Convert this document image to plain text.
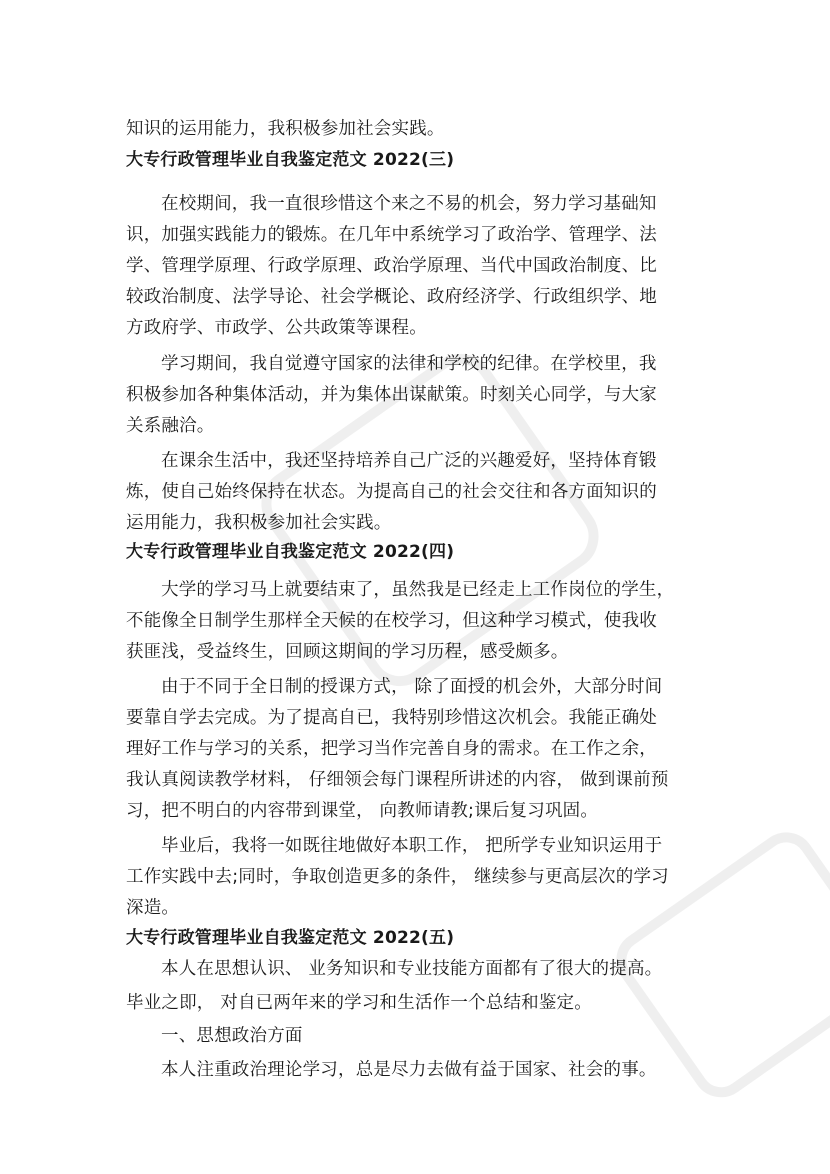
知识的运用能力，我积极参加社会实践。

大专行政管理毕业自我鉴定范文 2022(三)

在校期间，我一直很珍惜这个来之不易的机会，努力学习基础知

识，加强实践能力的锻炼。在几年中系统学习了政治学、管理学、法

学、管理学原理、行政学原理、政治学原理、当代中国政治制度、比

较政治制度、法学导论、社会学概论、政府经济学、行政组织学、地

方政府学、市政学、公共政策等课程。

学习期间，我自觉遵守国家的法律和学校的纪律。在学校里，我

积极参加各种集体活动，并为集体出谋献策。时刻关心同学，与大家

关系融洽。

在课余生活中，我还坚持培养自己广泛的兴趣爱好，坚持体育锻

炼，使自己始终保持在状态。为提高自己的社会交往和各方面知识的

运用能力，我积极参加社会实践。

大专行政管理毕业自我鉴定范文 2022(四)

大学的学习马上就要结束了，虽然我是已经走上工作岗位的学生，

不能像全日制学生那样全天候的在校学习，但这种学习模式，使我收

获匪浅，受益终生，回顾这期间的学习历程，感受颇多。

由于不同于全日制的授课方式， 除了面授的机会外，大部分时间

要靠自学去完成。为了提高自已，我特别珍惜这次机会。我能正确处

理好工作与学习的关系，把学习当作完善自身的需求。在工作之余，

我认真阅读教学材料， 仔细领会每门课程所讲述的内容， 做到课前预

习，把不明白的内容带到课堂， 向教师请教;课后复习巩固。

毕业后，我将一如既往地做好本职工作， 把所学专业知识运用于

工作实践中去;同时，争取创造更多的条件， 继续参与更高层次的学习

深造。

大专行政管理毕业自我鉴定范文 2022(五)

本人在思想认识、 业务知识和专业技能方面都有了很大的提高。

毕业之即， 对自已两年来的学习和生活作一个总结和鉴定。

一、思想政治方面

本人注重政治理论学习，总是尽力去做有益于国家、社会的事。
